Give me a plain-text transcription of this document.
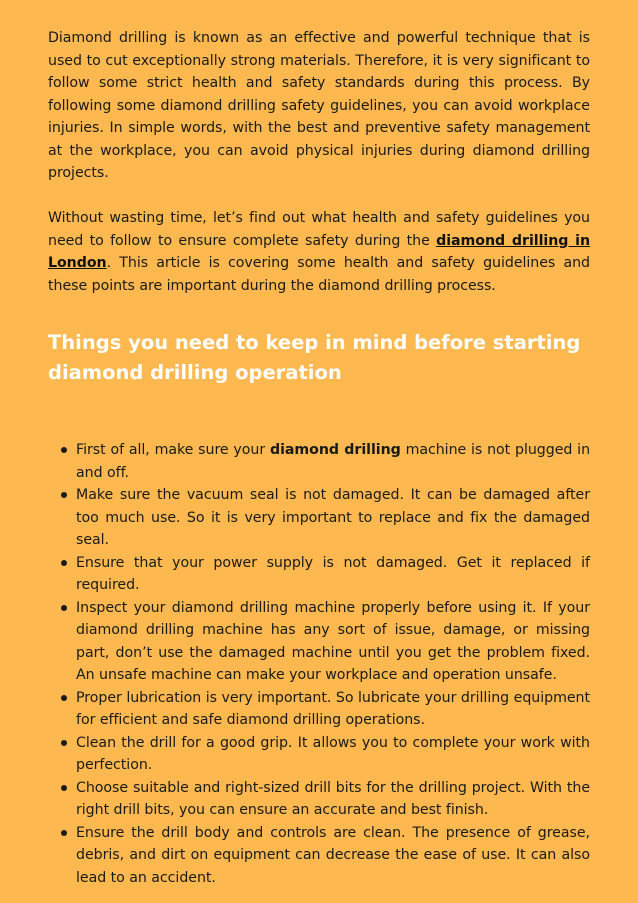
Diamond drilling is known as an effective and powerful technique that is used to cut exceptionally strong materials. Therefore, it is very significant to follow some strict health and safety standards during this process. By following some diamond drilling safety guidelines, you can avoid workplace injuries. In simple words, with the best and preventive safety management at the workplace, you can avoid physical injuries during diamond drilling projects.

Without wasting time, let’s find out what health and safety guidelines you need to follow to ensure complete safety during the diamond drilling in London. This article is covering some health and safety guidelines and these points are important during the diamond drilling process.

Things you need to keep in mind before starting diamond drilling operation
First of all, make sure your diamond drilling machine is not plugged in and off.
Make sure the vacuum seal is not damaged. It can be damaged after too much use. So it is very important to replace and fix the damaged seal.
Ensure that your power supply is not damaged. Get it replaced if required.
Inspect your diamond drilling machine properly before using it. If your diamond drilling machine has any sort of issue, damage, or missing part, don’t use the damaged machine until you get the problem fixed. An unsafe machine can make your workplace and operation unsafe.
Proper lubrication is very important. So lubricate your drilling equipment for efficient and safe diamond drilling operations.
Clean the drill for a good grip. It allows you to complete your work with perfection.
Choose suitable and right-sized drill bits for the drilling project. With the right drill bits, you can ensure an accurate and best finish.
Ensure the drill body and controls are clean. The presence of grease, debris, and dirt on equipment can decrease the ease of use. It can also lead to an accident.
